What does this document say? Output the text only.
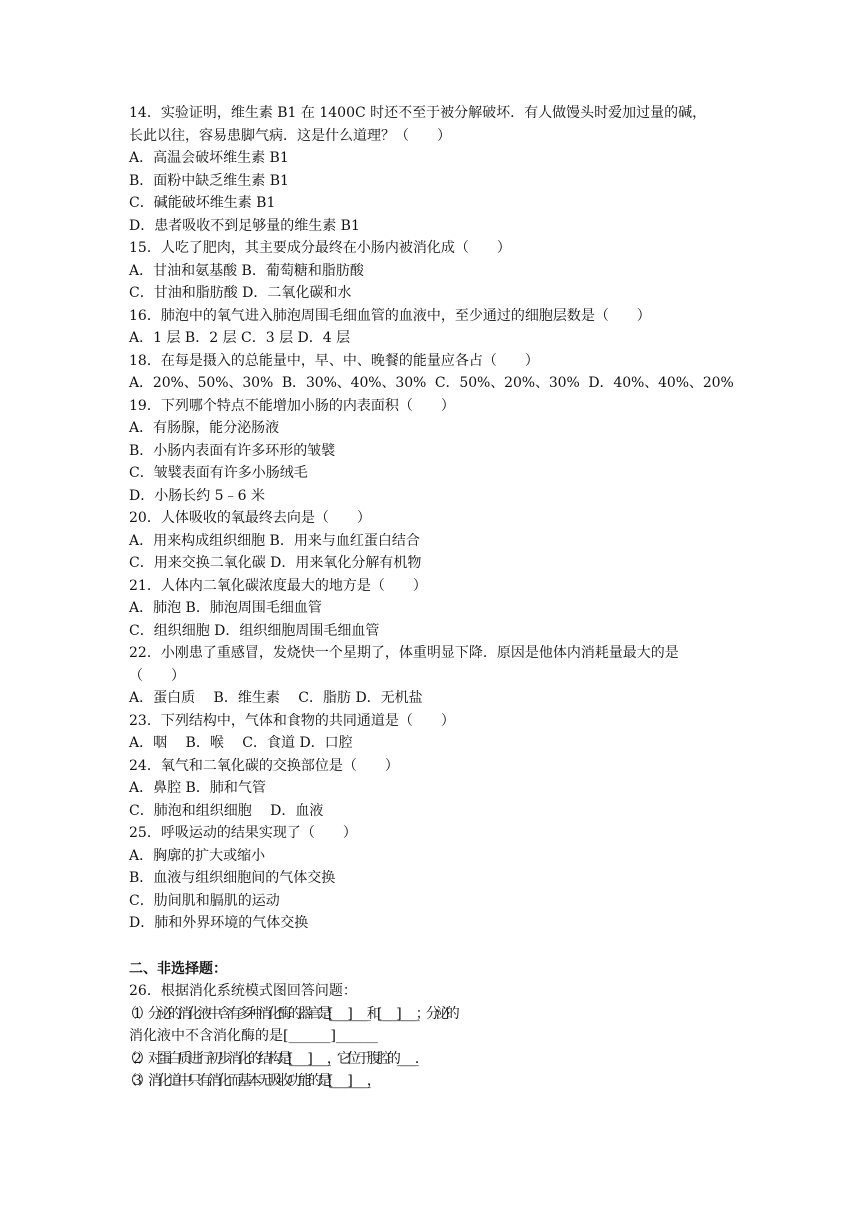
14．实验证明，维生素 B1 在 1400C 时还不至于被分解破坏．有人做馒头时爱加过量的碱，
长此以往，容易患脚气病．这是什么道理？（　　）
A．高温会破坏维生素 B1
B．面粉中缺乏维生素 B1
C．碱能破坏维生素 B1
D．患者吸收不到足够量的维生素 B1
15．人吃了肥肉，其主要成分最终在小肠内被消化成（　　）
A．甘油和氨基酸 B．葡萄糖和脂肪酸
C．甘油和脂肪酸 D．二氧化碳和水
16．肺泡中的氧气进入肺泡周围毛细血管的血液中，至少通过的细胞层数是（　　）
A．1 层 B．2 层 C．3 层 D．4 层
18．在每是摄入的总能量中，早、中、晚餐的能量应各占（　　）
A．20%、50%、30%  B．30%、40%、30%  C．50%、20%、30%  D．40%、40%、20%
19．下列哪个特点不能增加小肠的内表面积（　　）
A．有肠腺，能分泌肠液
B．小肠内表面有许多环形的皱襞
C．皱襞表面有许多小肠绒毛
D．小肠长约 5﹣6 米
20．人体吸收的氧最终去向是（　　）
A．用来构成组织细胞 B．用来与血红蛋白结合
C．用来交换二氧化碳 D．用来氧化分解有机物
21．人体内二氧化碳浓度最大的地方是（　　）
A．肺泡 B．肺泡周围毛细血管
C．组织细胞 D．组织细胞周围毛细血管
22．小刚患了重感冒，发烧快一个星期了，体重明显下降．原因是他体内消耗量最大的是
（　　）
A．蛋白质　 B．维生素　 C．脂肪 D．无机盐
23．下列结构中，气体和食物的共同通道是（　　）
A．咽　 B．喉　 C．食道 D．口腔
24．氧气和二氧化碳的交换部位是（　　）
A．鼻腔 B．肺和气管
C．肺泡和组织细胞　 D．血液
25．呼吸运动的结果实现了（　　）
A．胸廓的扩大或缩小
B．血液与组织细胞间的气体交换
C．肋间肌和膈肌的运动
D．肺和外界环境的气体交换
二、非选择题：
26．根据消化系统模式图回答问题：
（1）分泌的消化液中含有多种消化酶的器官是[______]______和[______]______；分泌的
消化液中不含消化酶的是[______]______
（2）对蛋白质进行初步消化的结构是[______]______，它位于腹腔的______．
（3）消化道中只有消化而基本无吸收功能的是[______]______，
